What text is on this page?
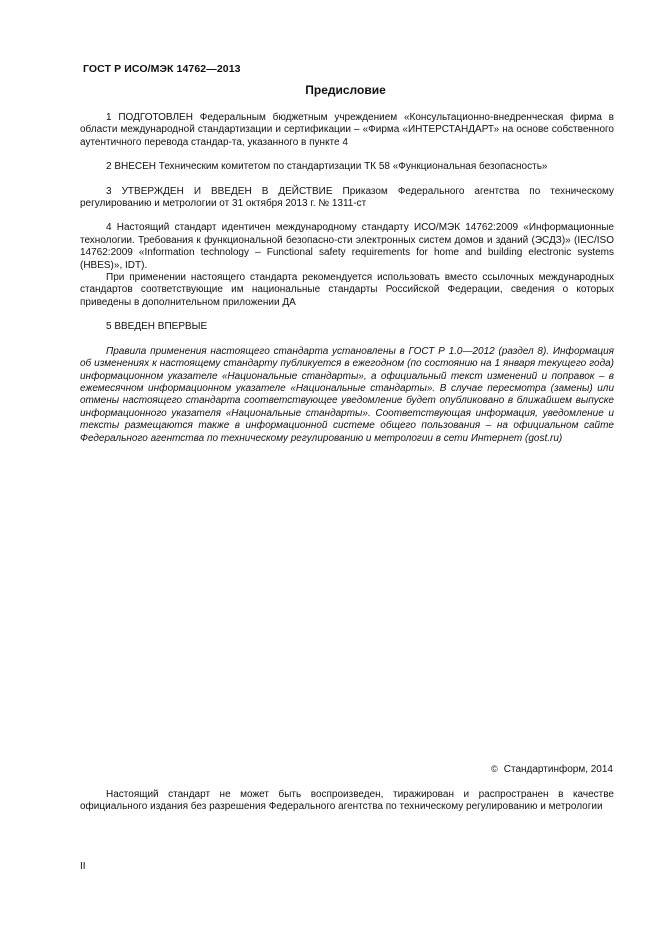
ГОСТ Р ИСО/МЭК 14762—2013
Предисловие

1 ПОДГОТОВЛЕН Федеральным бюджетным учреждением «Консультационно-внедренческая фирма в области международной стандартизации и сертификации – «Фирма «ИНТЕРСТАНДАРТ» на основе собственного аутентичного перевода стандар-та, указанного в пункте 4

2 ВНЕСЕН Техническим комитетом по стандартизации ТК 58 «Функциональная безопасность»

3 УТВЕРЖДЕН И ВВЕДЕН В ДЕЙСТВИЕ Приказом Федерального агентства по техническому регулированию и метрологии от 31 октября 2013 г. № 1311-ст

4 Настоящий стандарт идентичен международному стандарту ИСО/МЭК 14762:2009 «Информационные технологии. Требования к функциональной безопасно-сти электронных систем домов и зданий (ЭСДЗ)» (IEC/ISO 14762:2009 «Information technology – Functional safety requirements for home and building electronic systems (HBES)», IDT).

При применении настоящего стандарта рекомендуется использовать вместо ссылочных международных стандартов соответствующие им национальные стандарты Российской Федерации, сведения о которых приведены в дополнительном приложении ДА

5 ВВЕДЕН ВПЕРВЫЕ

Правила применения настоящего стандарта установлены в ГОСТ Р 1.0—2012 (раздел 8). Информация об изменениях к настоящему стандарту публикуется в ежегодном (по состоянию на 1 января текущего года) информационном указателе «Национальные стандарты», а официальный текст изменений и поправок – в ежемесячном информационном указателе «Национальные стандарты». В случае пересмотра (замены) или отмены настоящего стандарта соответствующее уведомление будет опубликовано в ближайшем выпуске информационного указателя «Национальные стандарты». Соответствующая информация, уведомление и тексты размещаются также в информационной системе общего пользования – на официальном сайте Федерального агентства по техническому регулированию и метрологии в сети Интернет (gost.ru)

© Стандартинформ, 2014

Настоящий стандарт не может быть воспроизведен, тиражирован и распространен в качестве официального издания без разрешения Федерального агентства по техническому регулированию и метрологии

II
